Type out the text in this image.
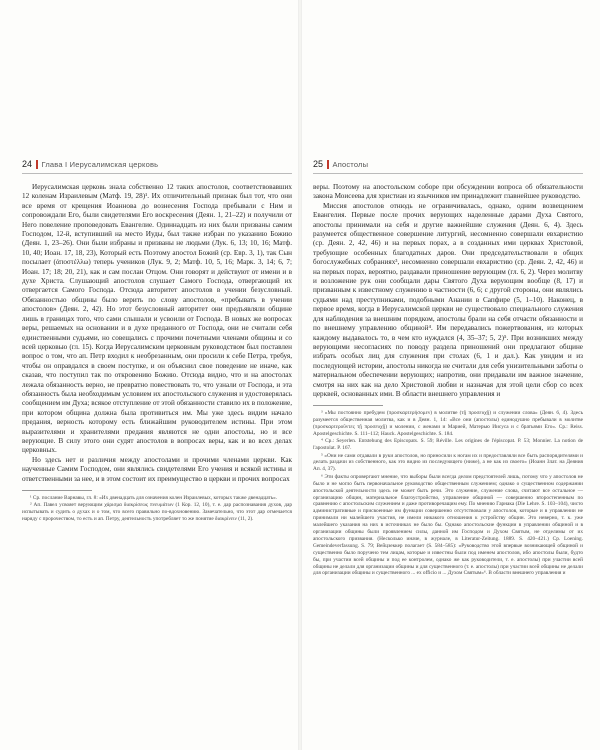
24 Глава I Иерусалимская церковь

Иерусалимская церковь знала собственно 12 таких апостолов, соответствовавших 12 коленам Израилевым (Матф. 19, 28)¹. Их отличительный признак был тот, что они все время от крещения Иоаннова до вознесения Господа пребывали с Ним и сопровождали Его, были свидетелями Его воскресения (Деян. 1, 21–22) и получили от Него повеление проповедовать Евангелие. Одиннадцать из них были призваны самим Господом, 12-й, вступивший на место Иуды, был также избран по указанию Божию (Деян. 1, 23–26). Они были избраны и призваны не людьми (Лук. 6, 13; 10, 16; Матф. 10, 40; Иоан. 17, 18, 23), Который есть Поэтому апостол Божий (ср. Евр. 3, 1), так Сын посылает (ἀποστέλλω) теперь учеников (Лук. 9, 2; Матф. 10, 5, 16; Марк. 3, 14; 6, 7; Иоан. 17; 18; 20, 21), как и сам послан Отцом. Они говорят и действуют от имени и в духе Христа. Слушающий апостолов слушает Самого Господа, отвергающий их отвергается Самого Господа. Отсюда авторитет апостолов в учении безусловный. Обязанностью общины было верить по слову апостолов, «пребывать в учении апостолов» (Деян. 2, 42). Но этот безусловный авторитет они предъявляли общине лишь в границах того, что сами слышали и усвоили от Господа. В новых же вопросах веры, решаемых на основании и в духе преданного от Господа, они не считали себя единственными судьями, но совещались с прочими почетными членами общины и со всей церковью (гл. 15). Когда Иерусалимским церковным руководством был поставлен вопрос о том, что ап. Петр входил к необрезанным, они просили к себе Петра, требуя, чтобы он оправдался в своем поступке, и он объяснил свое поведение не иначе, как сказав, что поступил так по откровению Божию. Отсюда видно, что и на апостолах лежала обязанность верно, не превратно повествовать то, что узнали от Господа, и эта обязанность была необходимым условием их апостольского служения и удостоверялась сообщением им Духа; всякое отступление от этой обязанности ставило их в положение, при котором община должна была противиться им. Мы уже здесь видим начало предания, верность которому есть ближайшим руководителем истины. При этом выразителями и хранителями предания являются не одни апостолы, но и все верующие. В силу этого они судят апостолов в вопросах веры, как и во всех делах церковных.

Но здесь нет и различия между апостолами и прочими членами церкви. Как наученные Самим Господом, они являлись свидетелями Его учения и всякой истины и ответственными за нее, и в этом состоит их преимущество в церкви и прочих вопросах

¹ Ср. послание Варнавы, гл. 8: «Их двенадцать для означения колен Израилевых, которых также двенадцать».

² Ап. Павел усвояет верующим χάρισμα διακρίσεως πνευμάτων (1 Кор. 12, 10), т. е. дар распознавания духов, дар испытывать и судить о духах и о том, что всего правильно по-вдохновению. Замечательно, что этот дар отмечается наряду с пророчеством, то есть и ап. Петру, деятельность употребляет то же понятие διακρίνειν (11, 2).

25 Апостолы

веры. Поэтому на апостольском соборе при обсуждении вопроса об обязательности закона Моисеева для христиан из язычников им принадлежит главнейшее руководство.

Миссия апостолов отнюдь не ограничивалась, однако, одним возвещением Евангелия. Первые после прочих верующих наделенные дарами Духа Святого, апостолы принимали на себя и другие важнейшие служения (Деян. 6, 4). Здесь разумеется общественное совершение литургий, несомненно совершали евхаристию (ср. Деян. 2, 42, 46) и на первых порах, а в созданных ими церквах Христовой, требующие особенных благодатных даров. Они председательствовали в общих богослужебных собраниях³, несомненно совершали евхаристию (ср. Деян. 2, 42, 46) и на первых порах, вероятно, раздавали приношение верующим (гл. 6, 2). Через молитву и возложение рук они сообщали дары Святого Духа верующим вообще (8, 17) и призванным к известному служению в частности (6, 6; с другой стороны, они являлись судьями над преступниками, подобными Анании в Сапфире (5, 1–10). Наконец, в первое время, когда в Иерусалимской церкви не существовало специального служения для наблюдения за внешним порядком, апостолы брали на себя отчасти обязанности и по внешнему управлению общиной⁴. Им передавались пожертвования, из которых каждому выдавалось то, в чем кто нуждался (4, 35–37; 5, 2)⁵. При возникших между верующими несогласиях по поводу раздела приношений они предлагают общине избрать особых лиц для служения при столах (6, 1 и дал.). Как увидим и из последующей истории, апостолы никогда не считали для себя унизительными заботы о материальном обеспечении верующих; напротив, они придавали им важное значение, смотря на них как на дело Христовой любви и назначая для этой цели сбор со всех церквей, основанных ими. В области внешнего управления и

³ «Мы постоянно пребудем (προσκαρτερήσομεν) в молитве (τῇ προσευχῇ) и служении слова» (Деян. 6, 4). Здесь разумеется общественная молитва, как и в Деян. 1, 14: «Все они (апостолы) единодушно пребывали в молитве (προσκαρτεροῦντες τῇ προσευχῇ) и молении, с женами и Марией, Матерью Иисуса и с братьями Его». Ср.: Reiss. Apostelgeschichte. S. 111–112; Hauck. Apostelgeschichte. S. 184.

⁴ Ср.: Seyerlen. Entstehung des Episcopats. S. 59; Réville. Les origines de l'épiscopat. P. 53; Monnier. La notion de l'apostolat. P. 167.

⁵ «Они не сами отдавали в руки апостолов, но приносили к ногам их и предоставляли все быть распорядителями и делать раздачи из собственного, как это видно из последующего (ниже), а не как из своего» (Иоанн Злат. на Деяния Ап. 4, 37).

⁶ Эти факты опровергают мнение, что выборы были всегда делом предстоятелей лишь, потому что у апостолов не было и не могло быть первоначальное руководство общественным служением; однако о существенном содержании апостольской деятельности здесь не может быть речи. Это служение, служение слова, считают все остальное — организацию общин, материальное благоустройство, управление общиной — совершенно второстепенным по сравнению с апостольским служением и даже противоречащим ему. По мнению Гарнака (Die Lehre. S. 103–104), чисто административные и присвоенные им функции совершенно отсутствовали у апостолов, которые и в управлении не принимали ни малейшего участия, не имели никакого отношения к устройству общин. Это неверно, т. к. уже малейшего указания на них в источниках не было бы. Однако апостольские функции в управлении общиной и в организации общины были проявлением силы, данной им Господом и Духом Святым, не отделимы от их апостольского призвания. (Несколько иначе, в журнале, в Literatur-Zeitung. 1889. S. 420–421.) Ср. Loening. Gemeindeverfassung. S. 79; Вейцзеккер полагает (S. 584–585): «Руководство этой впервые возникающей общиной и существенно было поручено тем лицам, которые и известны были под именем апостолов, ибо апостолы были, будто бы, при участии всей общины и под ее контролем, однако же как руководители, т. е. апостолы) при участии всей общины не делали для организации общины и для существенного (т. е. апостолы) при участии всей общины не делали для организации общины и существенного ... ex officio и ... Духом Святым»⁶. В области внешнего управления и
